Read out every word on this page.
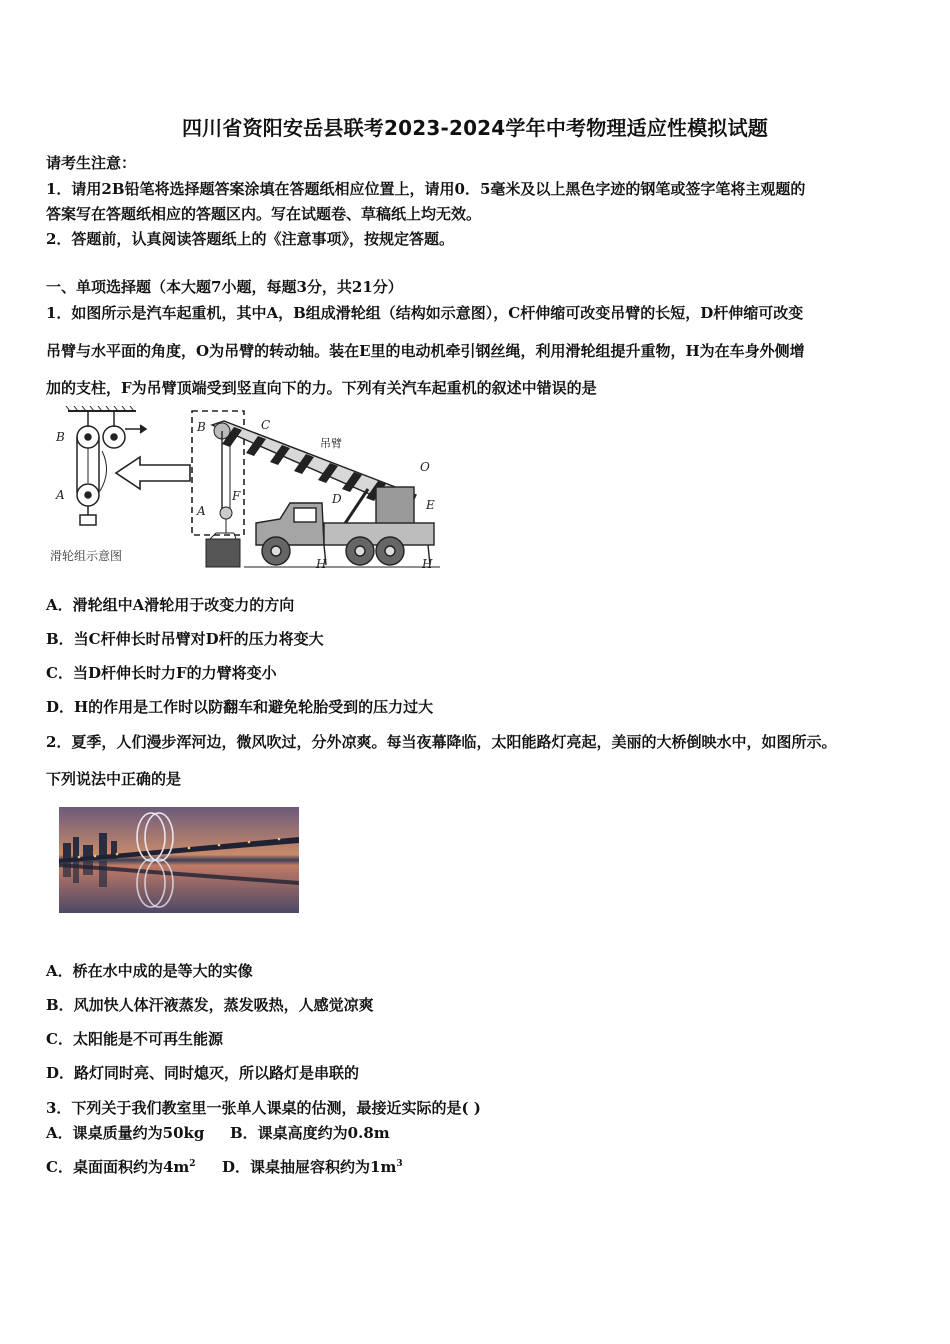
四川省资阳安岳县联考2023-2024学年中考物理适应性模拟试题
请考生注意：
1．请用2B铅笔将选择题答案涂填在答题纸相应位置上，请用0．5毫米及以上黑色字迹的钢笔或签字笔将主观题的
答案写在答题纸相应的答题区内。写在试题卷、草稿纸上均无效。
2．答题前，认真阅读答题纸上的《注意事项》，按规定答题。
一、单项选择题（本大题7小题，每题3分，共21分）
1．如图所示是汽车起重机，其中A，B组成滑轮组（结构如示意图），C杆伸缩可改变吊臂的长短，D杆伸缩可改变
吊臂与水平面的角度，O为吊臂的转动轴。装在E里的电动机牵引钢丝绳，利用滑轮组提升重物，H为在车身外侧增
加的支柱，F为吊臂顶端受到竖直向下的力。下列有关汽车起重机的叙述中错误的是
B
A
滑轮组示意图
B
A
F
C
吊臂
O
D	E
H	H
A．滑轮组中A滑轮用于改变力的方向
B．当C杆伸长时吊臂对D杆的压力将变大
C．当D杆伸长时力F的力臂将变小
D．H的作用是工作时以防翻车和避免轮胎受到的压力过大
2．夏季，人们漫步浑河边，微风吹过，分外凉爽。每当夜幕降临，太阳能路灯亮起，美丽的大桥倒映水中，如图所示。
下列说法中正确的是
A．桥在水中成的是等大的实像
B．风加快人体汗液蒸发，蒸发吸热，人感觉凉爽
C．太阳能是不可再生能源
D．路灯同时亮、同时熄灭，所以路灯是串联的
3．下列关于我们教室里一张单人课桌的估测，最接近实际的是( )
A．课桌质量约为50kg B．课桌高度约为0.8m
C．桌面面积约为$4m^2$ D．课桌抽屉容积约为$1m^3$
